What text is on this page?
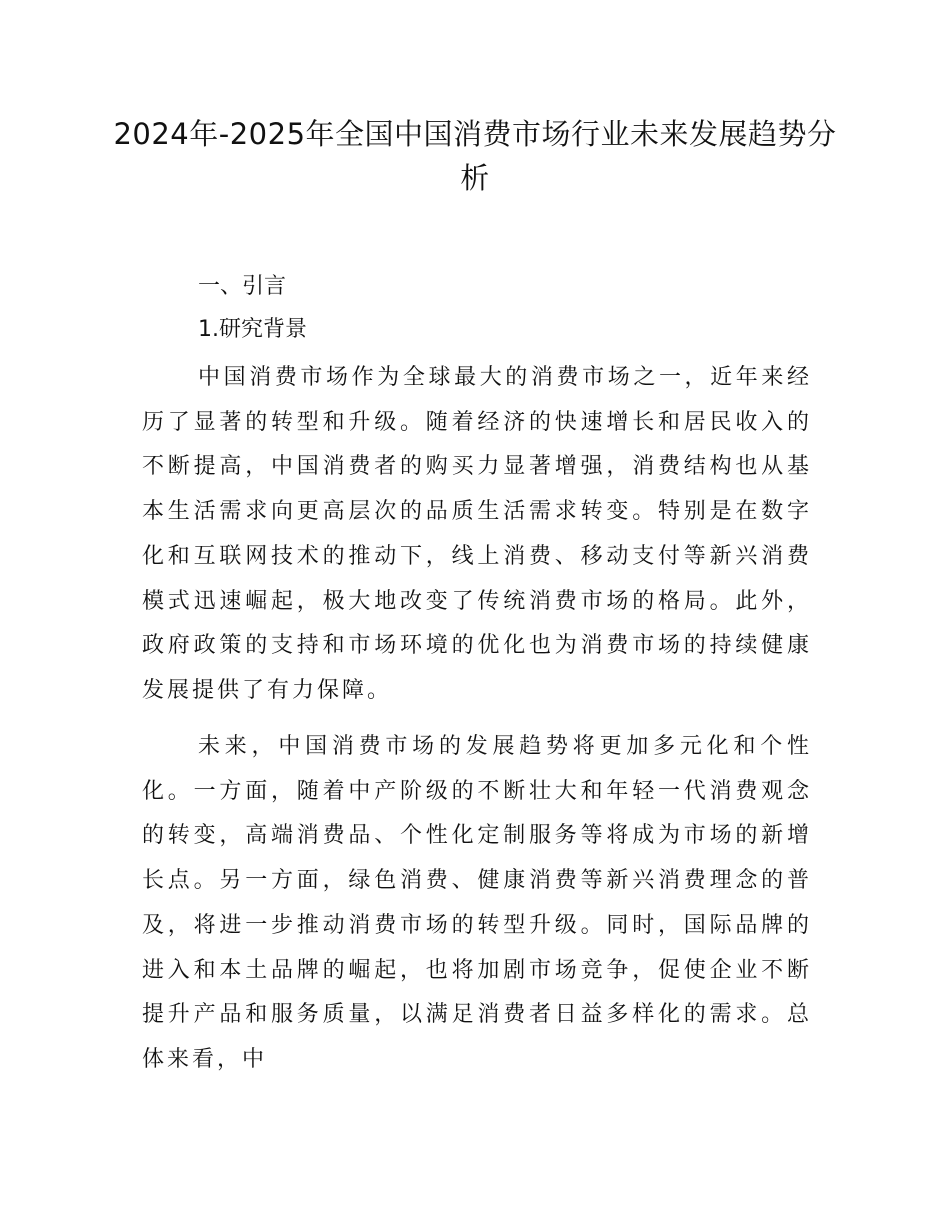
2024年-2025年全国中国消费市场行业未来发展趋势分析
一、引言
1.研究背景

中国消费市场作为全球最大的消费市场之一，近年来经历了显著的转型和升级。随着经济的快速增长和居民收入的不断提高，中国消费者的购买力显著增强，消费结构也从基本生活需求向更高层次的品质生活需求转变。特别是在数字化和互联网技术的推动下，线上消费、移动支付等新兴消费模式迅速崛起，极大地改变了传统消费市场的格局。此外，政府政策的支持和市场环境的优化也为消费市场的持续健康发展提供了有力保障。

未来，中国消费市场的发展趋势将更加多元化和个性化。一方面，随着中产阶级的不断壮大和年轻一代消费观念的转变，高端消费品、个性化定制服务等将成为市场的新增长点。另一方面，绿色消费、健康消费等新兴消费理念的普及，将进一步推动消费市场的转型升级。同时，国际品牌的进入和本土品牌的崛起，也将加剧市场竞争，促使企业不断提升产品和服务质量，以满足消费者日益多样化的需求。总体来看，中
